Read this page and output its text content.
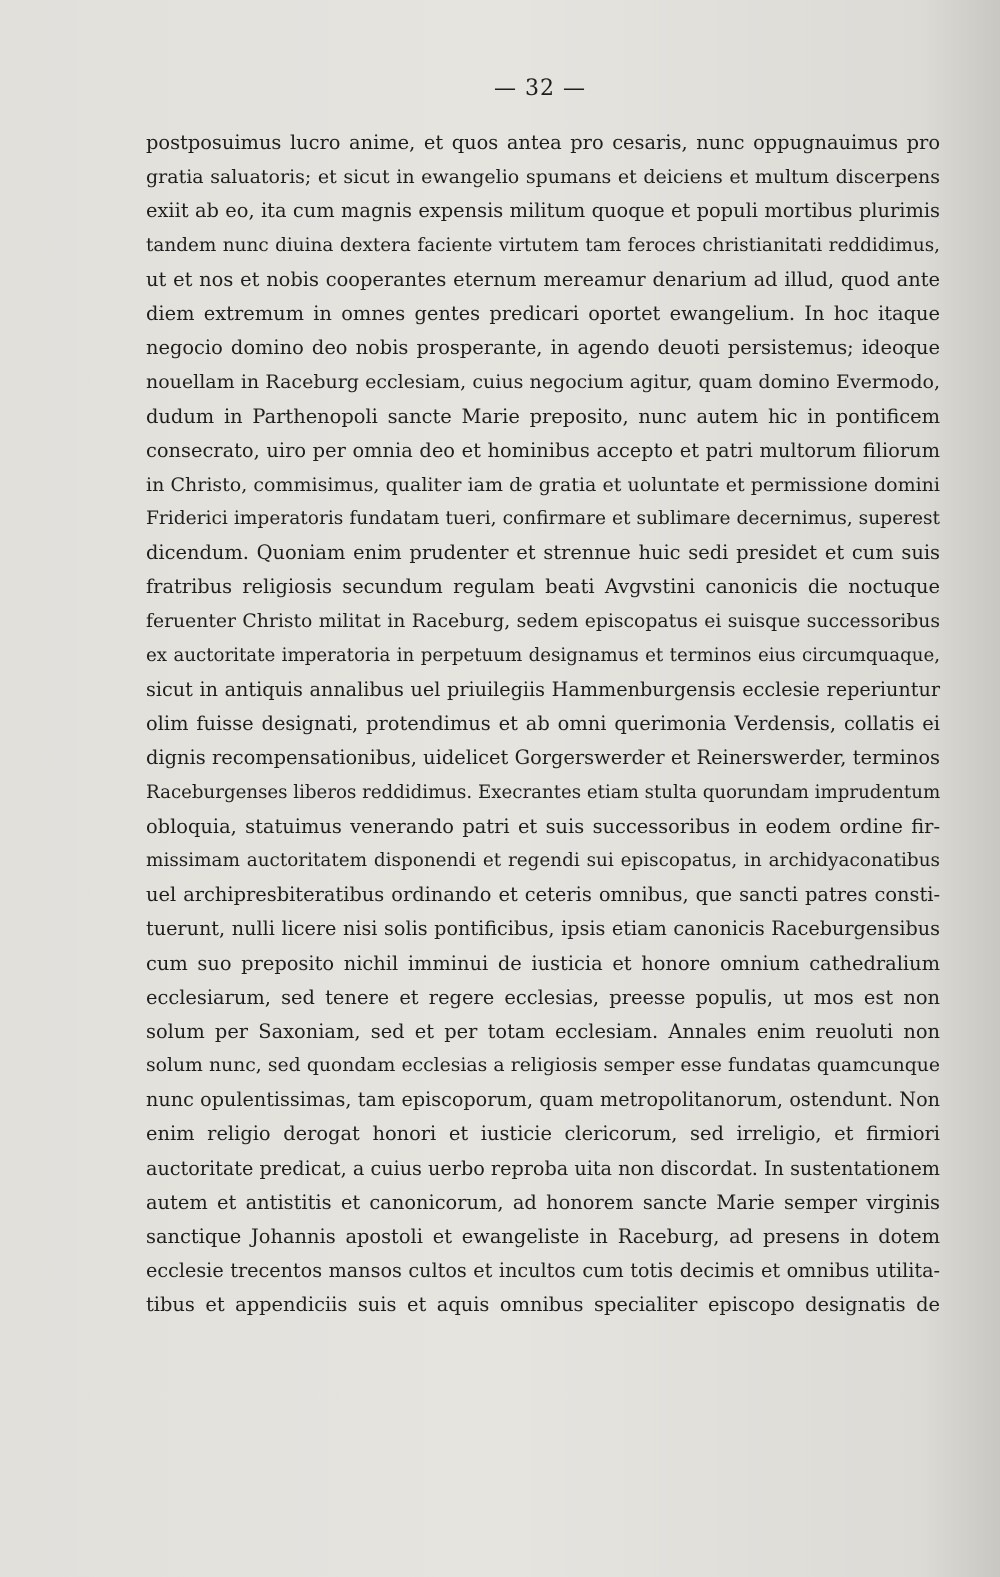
— 32 —
postposuimus lucro anime, et quos antea pro cesaris, nunc oppugnauimus pro
gratia saluatoris; et sicut in ewangelio spumans et deiciens et multum discerpens
exiit ab eo, ita cum magnis expensis militum quoque et populi mortibus plurimis
tandem nunc diuina dextera faciente virtutem tam feroces christianitati reddidimus,
ut et nos et nobis cooperantes eternum mereamur denarium ad illud, quod ante
diem extremum in omnes gentes predicari oportet ewangelium. In hoc itaque
negocio domino deo nobis prosperante, in agendo deuoti persistemus; ideoque
nouellam in Raceburg ecclesiam, cuius negocium agitur, quam domino Evermodo,
dudum in Parthenopoli sancte Marie preposito, nunc autem hic in pontificem
consecrato, uiro per omnia deo et hominibus accepto et patri multorum filiorum
in Christo, commisimus, qualiter iam de gratia et uoluntate et permissione domini
Friderici imperatoris fundatam tueri, confirmare et sublimare decernimus, superest
dicendum. Quoniam enim prudenter et strennue huic sedi presidet et cum suis
fratribus religiosis secundum regulam beati Avgvstini canonicis die noctuque
feruenter Christo militat in Raceburg, sedem episcopatus ei suisque successoribus
ex auctoritate imperatoria in perpetuum designamus et terminos eius circumquaque,
sicut in antiquis annalibus uel priuilegiis Hammenburgensis ecclesie reperiuntur
olim fuisse designati, protendimus et ab omni querimonia Verdensis, collatis ei
dignis recompensationibus, uidelicet Gorgerswerder et Reinerswerder, terminos
Raceburgenses liberos reddidimus. Execrantes etiam stulta quorundam imprudentum
obloquia, statuimus venerando patri et suis successoribus in eodem ordine fir-
missimam auctoritatem disponendi et regendi sui episcopatus, in archidyaconatibus
uel archipresbiteratibus ordinando et ceteris omnibus, que sancti patres consti-
tuerunt, nulli licere nisi solis pontificibus, ipsis etiam canonicis Raceburgensibus
cum suo preposito nichil imminui de iusticia et honore omnium cathedralium
ecclesiarum, sed tenere et regere ecclesias, preesse populis, ut mos est non
solum per Saxoniam, sed et per totam ecclesiam. Annales enim reuoluti non
solum nunc, sed quondam ecclesias a religiosis semper esse fundatas quamcunque
nunc opulentissimas, tam episcoporum, quam metropolitanorum, ostendunt. Non
enim religio derogat honori et iusticie clericorum, sed irreligio, et firmiori
auctoritate predicat, a cuius uerbo reproba uita non discordat. In sustentationem
autem et antistitis et canonicorum, ad honorem sancte Marie semper virginis
sanctique Johannis apostoli et ewangeliste in Raceburg, ad presens in dotem
ecclesie trecentos mansos cultos et incultos cum totis decimis et omnibus utilita-
tibus et appendiciis suis et aquis omnibus specialiter episcopo designatis de
